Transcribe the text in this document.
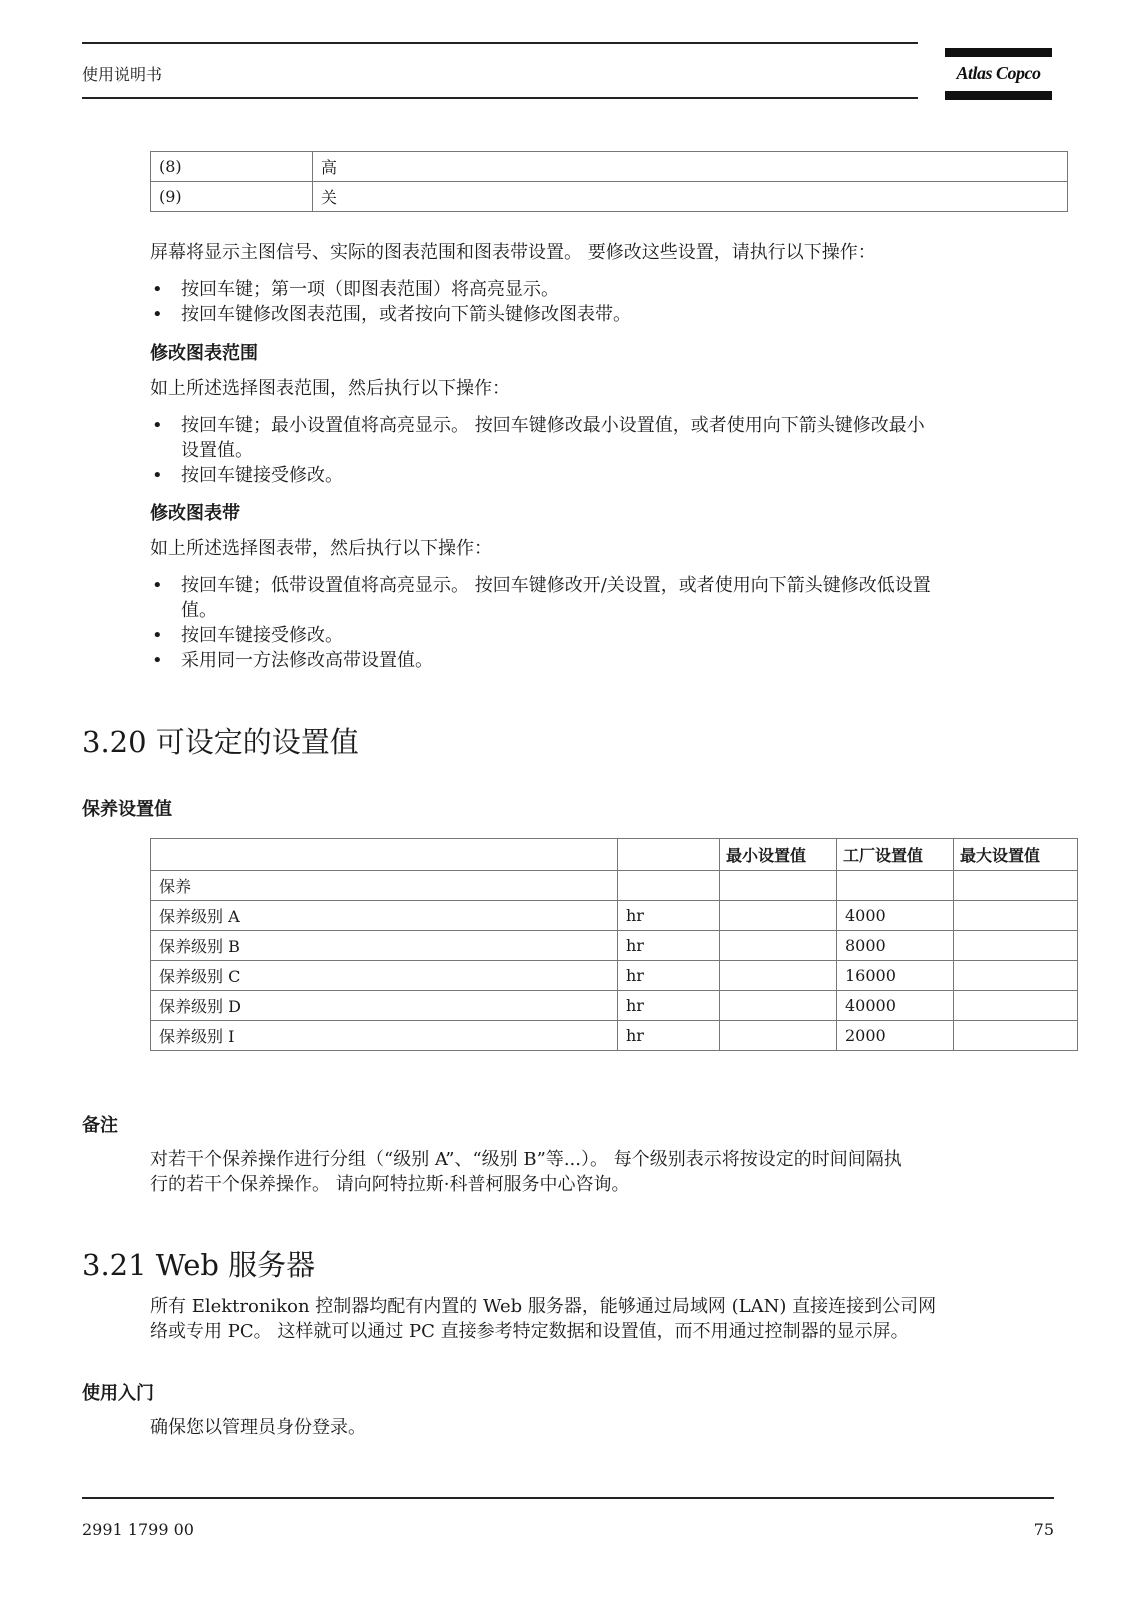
使用说明书	Atlas Copco
(8)	高
(9)	关
屏幕将显示主图信号、实际的图表范围和图表带设置。 要修改这些设置，请执行以下操作：
• 按回车键；第一项（即图表范围）将高亮显示。
• 按回车键修改图表范围，或者按向下箭头键修改图表带。
修改图表范围
如上所述选择图表范围，然后执行以下操作：
• 按回车键；最小设置值将高亮显示。 按回车键修改最小设置值，或者使用向下箭头键修改最小
设置值。
• 按回车键接受修改。
修改图表带
如上所述选择图表带，然后执行以下操作：
• 按回车键；低带设置值将高亮显示。 按回车键修改开/关设置，或者使用向下箭头键修改低设置
值。
• 按回车键接受修改。
• 采用同一方法修改高带设置值。
3.20 可设定的设置值
保养设置值
		最小设置值	工厂设置值	最大设置值
保养				
保养级别 A	hr		4000	
保养级别 B	hr		8000	
保养级别 C	hr		16000	
保养级别 D	hr		40000	
保养级别 I	hr		2000	
备注
对若干个保养操作进行分组（“级别 A”、“级别 B”等...）。 每个级别表示将按设定的时间间隔执
行的若干个保养操作。 请向阿特拉斯·科普柯服务中心咨询。
3.21 Web 服务器
所有 Elektronikon 控制器均配有内置的 Web 服务器，能够通过局域网 (LAN) 直接连接到公司网
络或专用 PC。 这样就可以通过 PC 直接参考特定数据和设置值，而不用通过控制器的显示屏。
使用入门
确保您以管理员身份登录。
2991 1799 00	75
